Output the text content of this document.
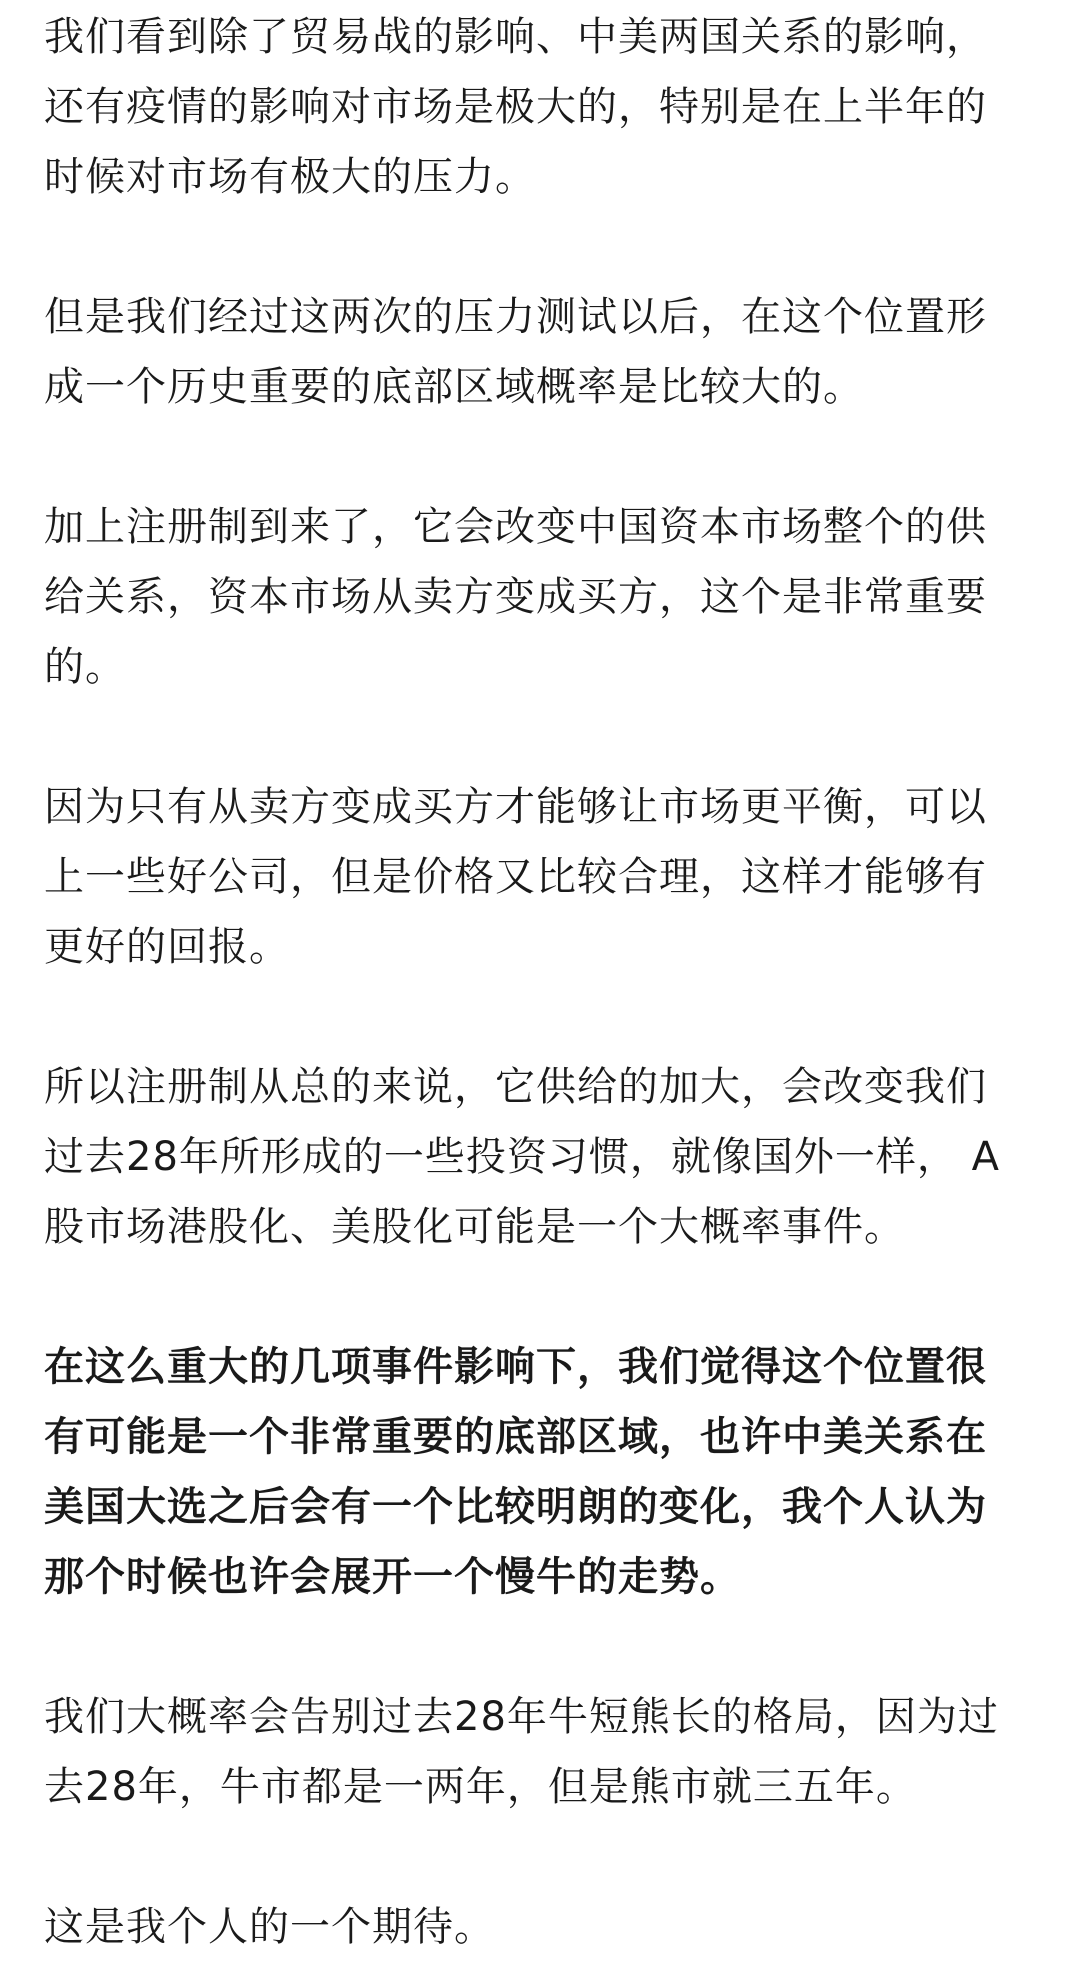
我们看到除了贸易战的影响、中美两国关系的影响，
还有疫情的影响对市场是极大的，特别是在上半年的
时候对市场有极大的压力。

但是我们经过这两次的压力测试以后，在这个位置形
成一个历史重要的底部区域概率是比较大的。

加上注册制到来了，它会改变中国资本市场整个的供
给关系，资本市场从卖方变成买方，这个是非常重要
的。

因为只有从卖方变成买方才能够让市场更平衡，可以
上一些好公司，但是价格又比较合理，这样才能够有
更好的回报。

所以注册制从总的来说，它供给的加大，会改变我们
过去28年所形成的一些投资习惯，就像国外一样， A
股市场港股化、美股化可能是一个大概率事件。

在这么重大的几项事件影响下，我们觉得这个位置很
有可能是一个非常重要的底部区域，也许中美关系在
美国大选之后会有一个比较明朗的变化，我个人认为
那个时候也许会展开一个慢牛的走势。

我们大概率会告别过去28年牛短熊长的格局，因为过
去28年，牛市都是一两年，但是熊市就三五年。

这是我个人的一个期待。
